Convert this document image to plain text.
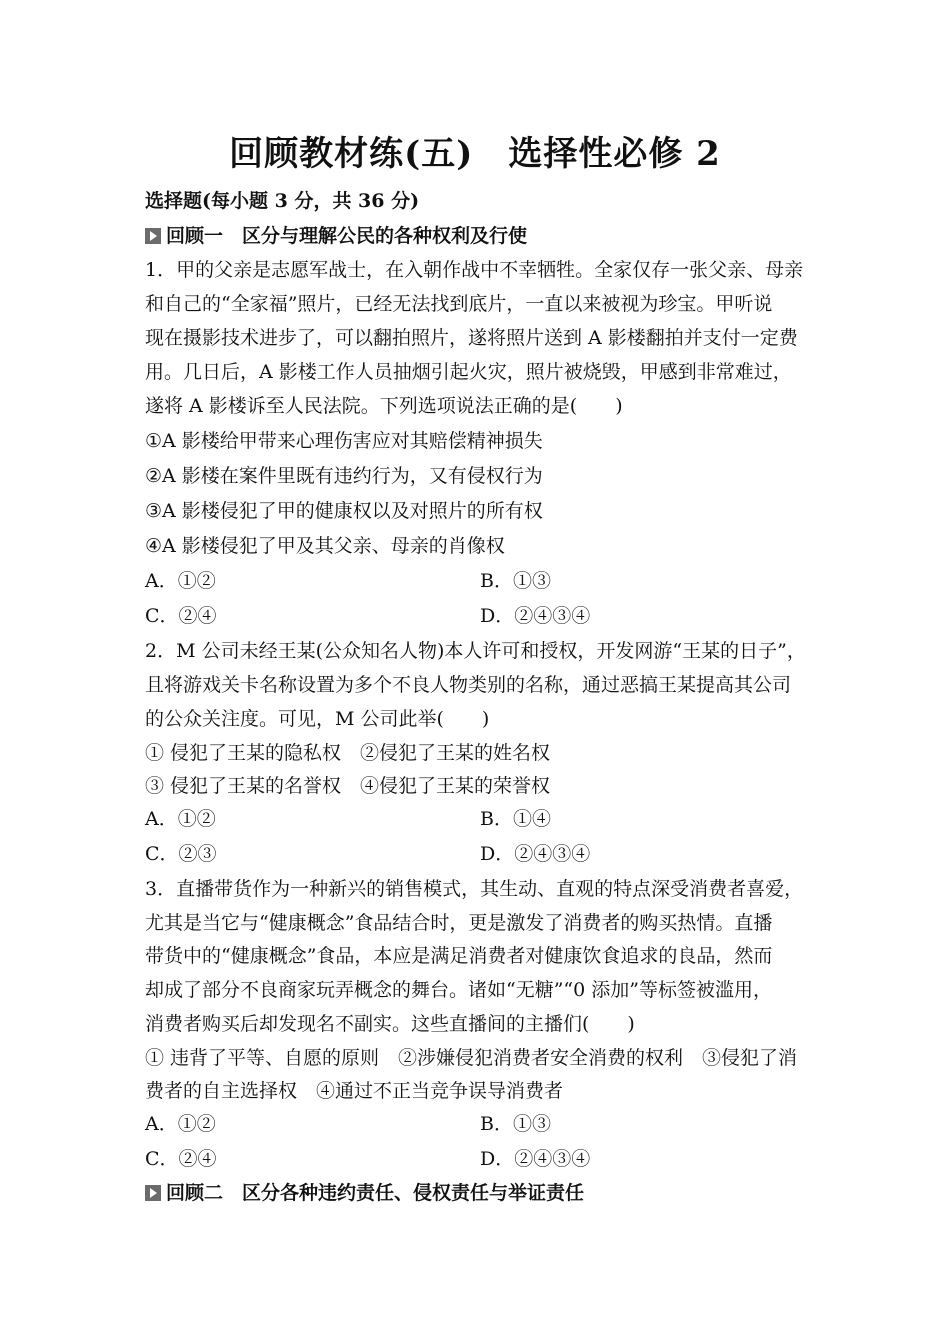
回顾教材练(五)　选择性必修 2
选择题(每小题 3 分，共 36 分)
回顾一　区分与理解公民的各种权利及行使
1．甲的父亲是志愿军战士，在入朝作战中不幸牺牲。全家仅存一张父亲、母亲
和自己的“全家福”照片，已经无法找到底片，一直以来被视为珍宝。甲听说
现在摄影技术进步了，可以翻拍照片，遂将照片送到 A 影楼翻拍并支付一定费
用。几日后，A 影楼工作人员抽烟引起火灾，照片被烧毁，甲感到非常难过，
遂将 A 影楼诉至人民法院。下列选项说法正确的是(　　)
①A 影楼给甲带来心理伤害应对其赔偿精神损失
②A 影楼在案件里既有违约行为，又有侵权行为
③A 影楼侵犯了甲的健康权以及对照片的所有权
④A 影楼侵犯了甲及其父亲、母亲的肖像权
A．①②	B．①③
C．②④	D．②④③④
2．M 公司未经王某(公众知名人物)本人许可和授权，开发网游“王某的日子”，
且将游戏关卡名称设置为多个不良人物类别的名称，通过恶搞王某提高其公司
的公众关注度。可见，M 公司此举(　　)
① 侵犯了王某的隐私权　②侵犯了王某的姓名权
③ 侵犯了王某的名誉权　④侵犯了王某的荣誉权
A．①②	B．①④
C．②③	D．②④③④
3．直播带货作为一种新兴的销售模式，其生动、直观的特点深受消费者喜爱，
尤其是当它与“健康概念”食品结合时，更是激发了消费者的购买热情。直播
带货中的“健康概念”食品，本应是满足消费者对健康饮食追求的良品，然而
却成了部分不良商家玩弄概念的舞台。诸如“无糖”“0 添加”等标签被滥用，
消费者购买后却发现名不副实。这些直播间的主播们(　　)
① 违背了平等、自愿的原则　②涉嫌侵犯消费者安全消费的权利　③侵犯了消
费者的自主选择权　④通过不正当竞争误导消费者
A．①②	B．①③
C．②④	D．②④③④
回顾二　区分各种违约责任、侵权责任与举证责任
